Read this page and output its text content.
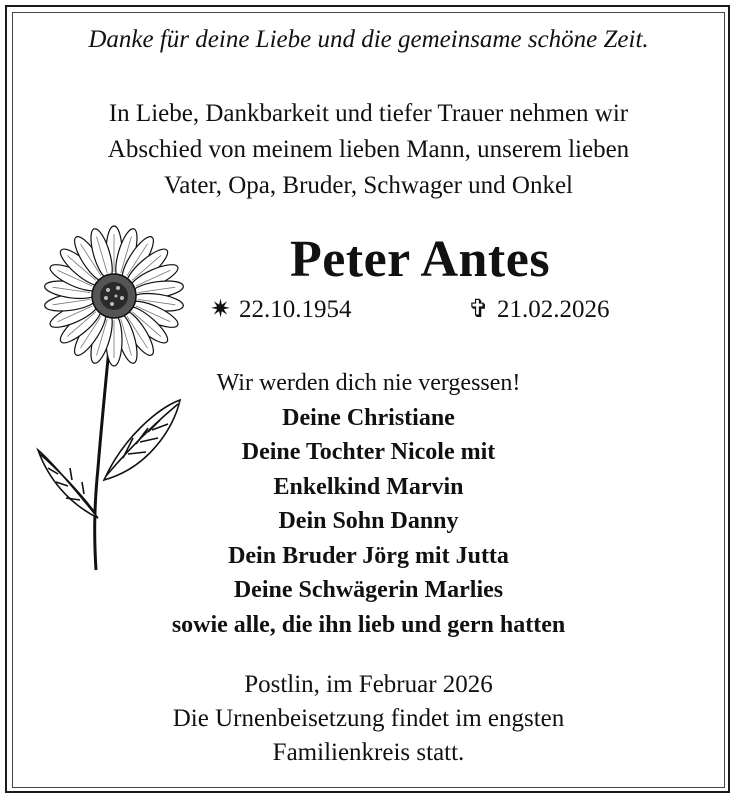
Danke für deine Liebe und die gemeinsame schöne Zeit.
In Liebe, Dankbarkeit und tiefer Trauer nehmen wir
Abschied von meinem lieben Mann, unserem lieben
Vater, Opa, Bruder, Schwager und Onkel
Peter Antes
✷ 22.10.1954	✞ 21.02.2026
Wir werden dich nie vergessen!
Deine Christiane
Deine Tochter Nicole mit
Enkelkind Marvin
Dein Sohn Danny
Dein Bruder Jörg mit Jutta
Deine Schwägerin Marlies
sowie alle, die ihn lieb und gern hatten
Postlin, im Februar 2026
Die Urnenbeisetzung findet im engsten
Familienkreis statt.
